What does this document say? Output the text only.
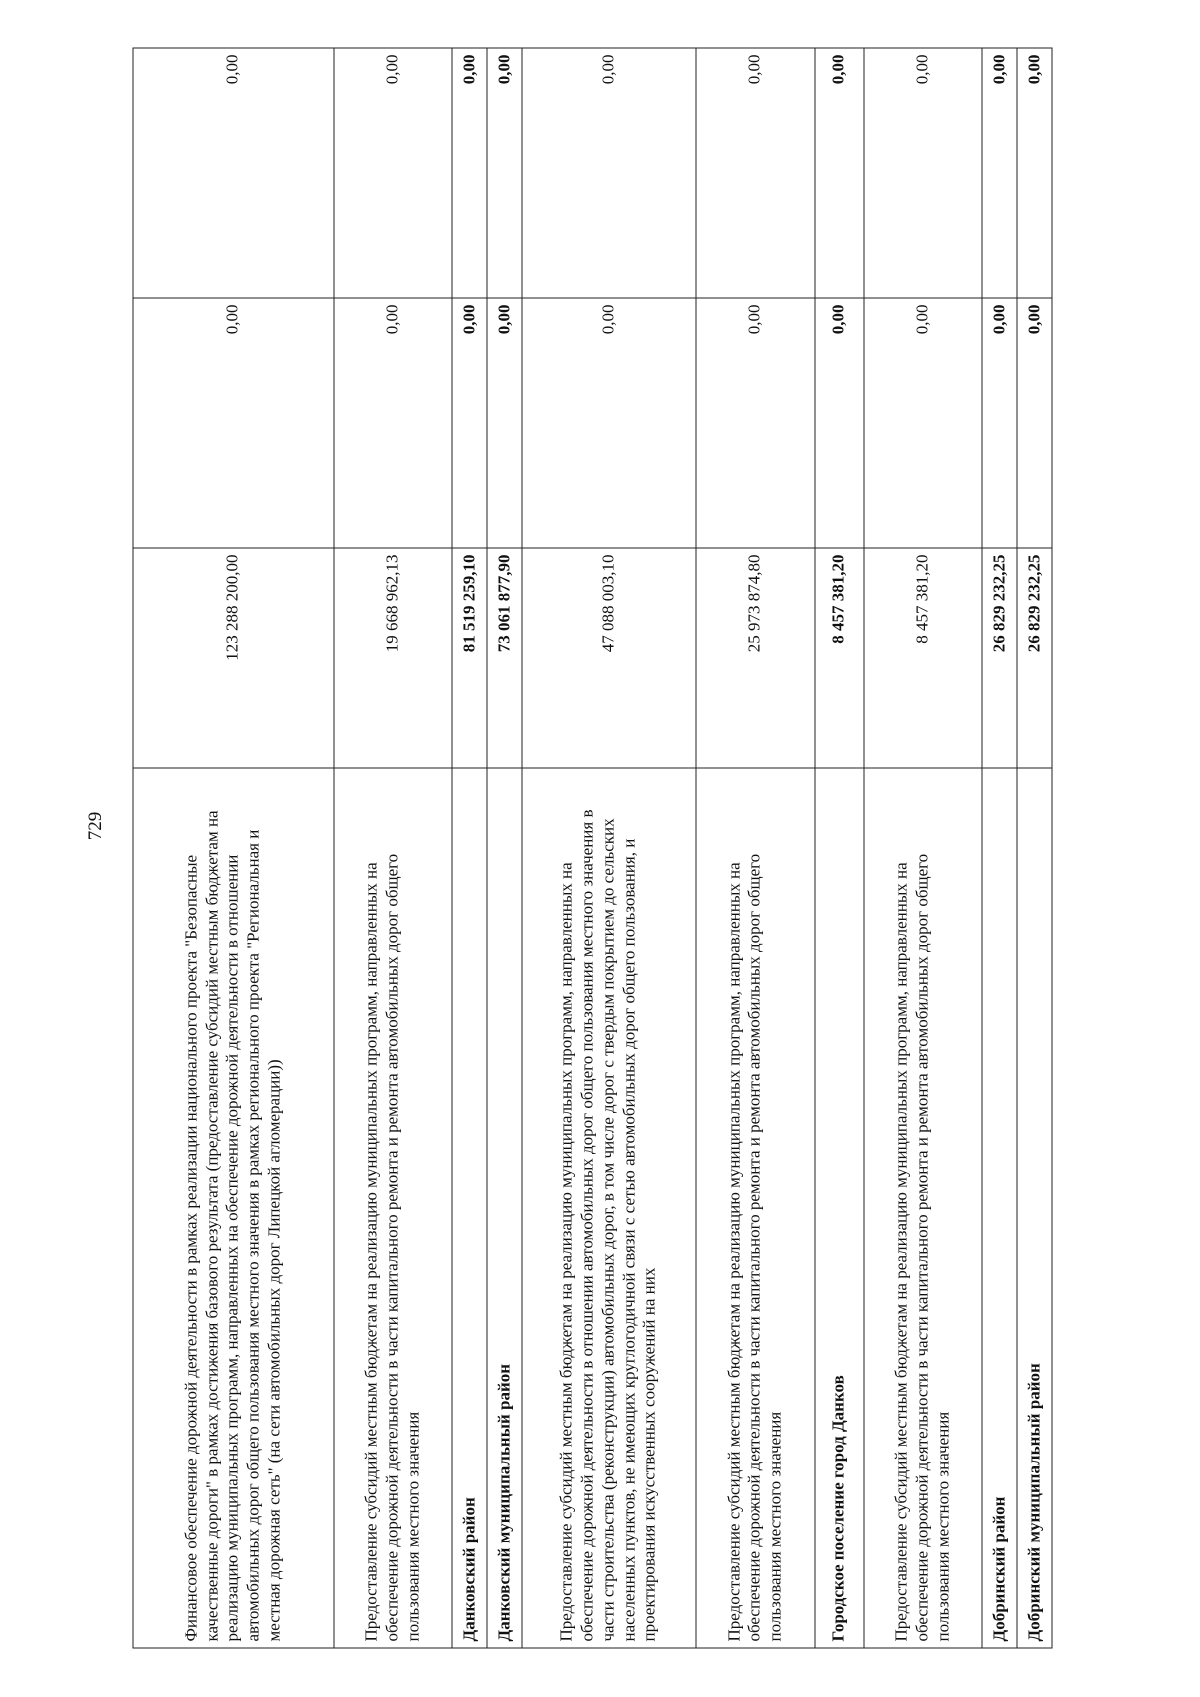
729
Финансовое обеспечение дорожной деятельности в рамках реализации национального проекта "Безопасные качественные дороги" в рамках достижения базового результата (предоставление субсидий местным бюджетам на реализацию муниципальных программ, направленных на обеспечение дорожной деятельности в отношении автомобильных дорог общего пользования местного значения в рамках регионального проекта "Региональная и местная дорожная сеть" (на сети автомобильных дорог Липецкой агломерации))	123 288 200,00	0,00	0,00
Предоставление субсидий местным бюджетам на реализацию муниципальных программ, направленных на обеспечение дорожной деятельности в части капитального ремонта и ремонта автомобильных дорог общего пользования местного значения	19 668 962,13	0,00	0,00
Данковский район	81 519 259,10	0,00	0,00
Данковский муниципальный район	73 061 877,90	0,00	0,00
Предоставление субсидий местным бюджетам на реализацию муниципальных программ, направленных на обеспечение дорожной деятельности в отношении автомобильных дорог общего пользования местного значения в части строительства (реконструкции) автомобильных дорог, в том числе дорог с твердым покрытием до сельских населенных пунктов, не имеющих круглогодичной связи с сетью автомобильных дорог общего пользования, и проектирования искусственных сооружений на них	47 088 003,10	0,00	0,00
Предоставление субсидий местным бюджетам на реализацию муниципальных программ, направленных на обеспечение дорожной деятельности в части капитального ремонта и ремонта автомобильных дорог общего пользования местного значения	25 973 874,80	0,00	0,00
Городское поселение город Данков	8 457 381,20	0,00	0,00
Предоставление субсидий местным бюджетам на реализацию муниципальных программ, направленных на обеспечение дорожной деятельности в части капитального ремонта и ремонта автомобильных дорог общего пользования местного значения	8 457 381,20	0,00	0,00
Добринский район	26 829 232,25	0,00	0,00
Добринский муниципальный район	26 829 232,25	0,00	0,00
